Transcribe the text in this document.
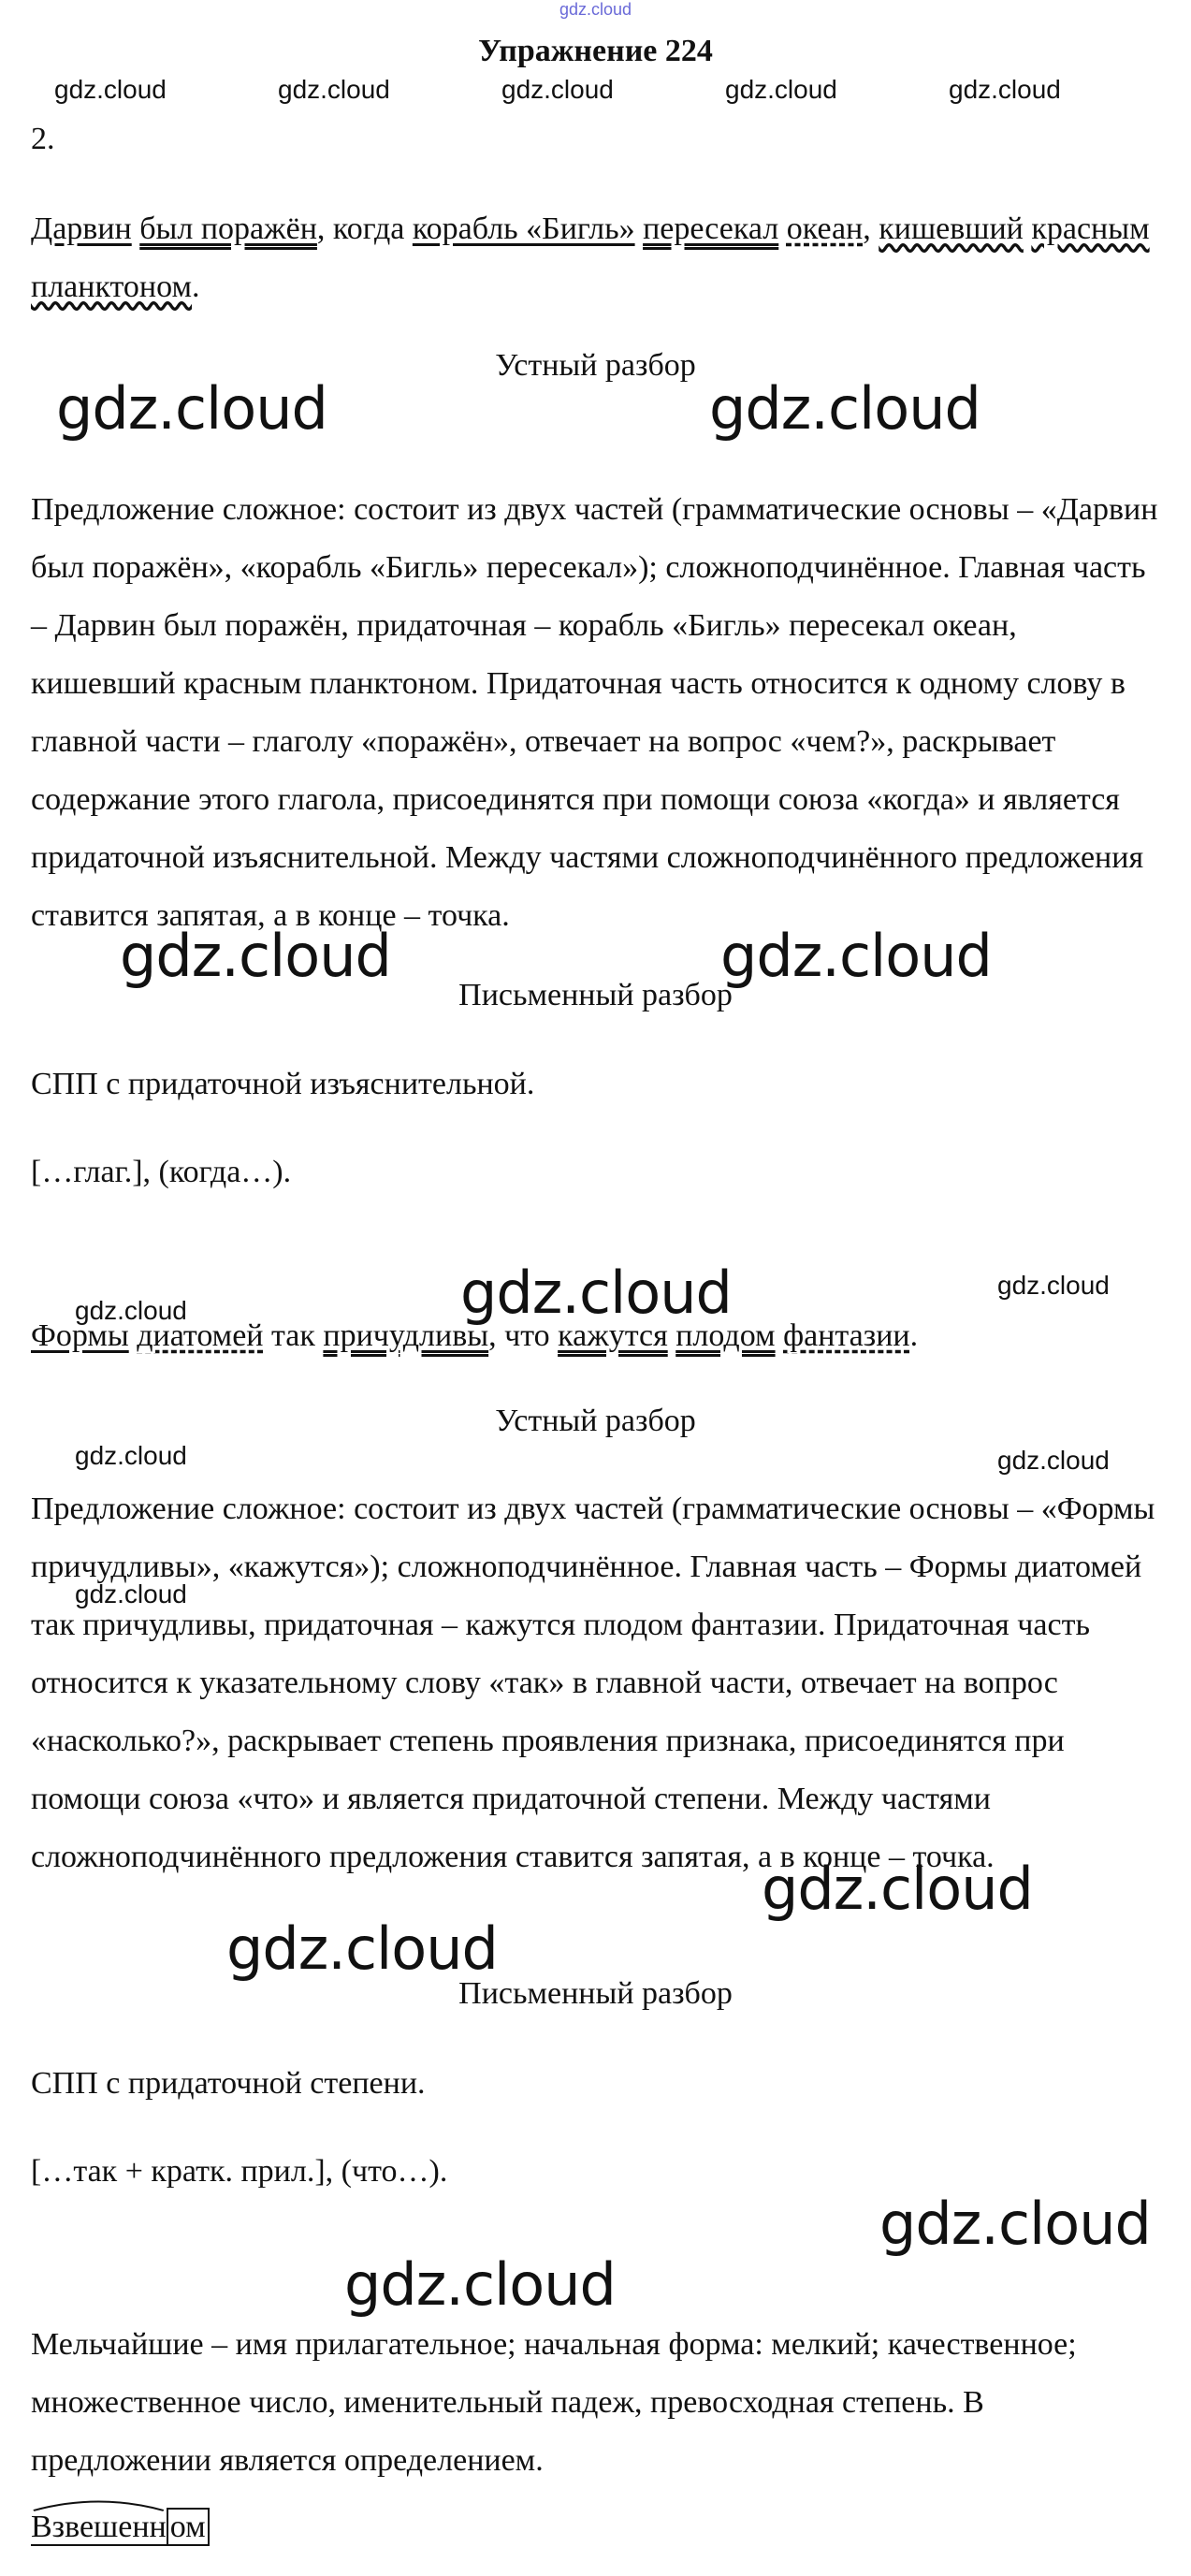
gdz.cloud
Упражнение 224
gdz.cloud	gdz.cloud	gdz.cloud	gdz.cloud	gdz.cloud
2.
Дарвин был поражён, когда корабль «Бигль» пересекал океан, кишевший красным планктоном.
Устный разбор
gdz.cloud	gdz.cloud
Предложение сложное: состоит из двух частей (грамматические основы – «Дарвин был поражён», «корабль «Бигль» пересекал»); сложноподчинённое. Главная часть – Дарвин был поражён, придаточная – корабль «Бигль» пересекал океан, кишевший красным планктоном. Придаточная часть относится к одному слову в главной части – глаголу «поражён», отвечает на вопрос «чем?», раскрывает содержание этого глагола, присоединятся при помощи союза «когда» и является придаточной изъяснительной. Между частями сложноподчинённого предложения ставится запятая, а в конце – точка.
gdz.cloud	gdz.cloud
Письменный разбор
СПП с придаточной изъяснительной.
[…глаг.], (когда…).
gdz.cloud	gdz.cloud	gdz.cloud
Формы диатомей так причудливы, что кажутся плодом фантазии.
Устный разбор
gdz.cloud	gdz.cloud
gdz.cloud
Предложение сложное: состоит из двух частей (грамматические основы – «Формы причудливы», «кажутся»); сложноподчинённое. Главная часть – Формы диатомей так причудливы, придаточная – кажутся плодом фантазии. Придаточная часть относится к указательному слову «так» в главной части, отвечает на вопрос «насколько?», раскрывает степень проявления признака, присоединятся при помощи союза «что» и является придаточной степени. Между частями сложноподчинённого предложения ставится запятая, а в конце – точка.
gdz.cloud
gdz.cloud
Письменный разбор
СПП с придаточной степени.
[…так + кратк. прил.], (что…).
gdz.cloud
gdz.cloud
Мельчайшие – имя прилагательное; начальная форма: мелкий; качественное; множественное число, именительный падеж, превосходная степень. В предложении является определением.
Взвешенн ом
